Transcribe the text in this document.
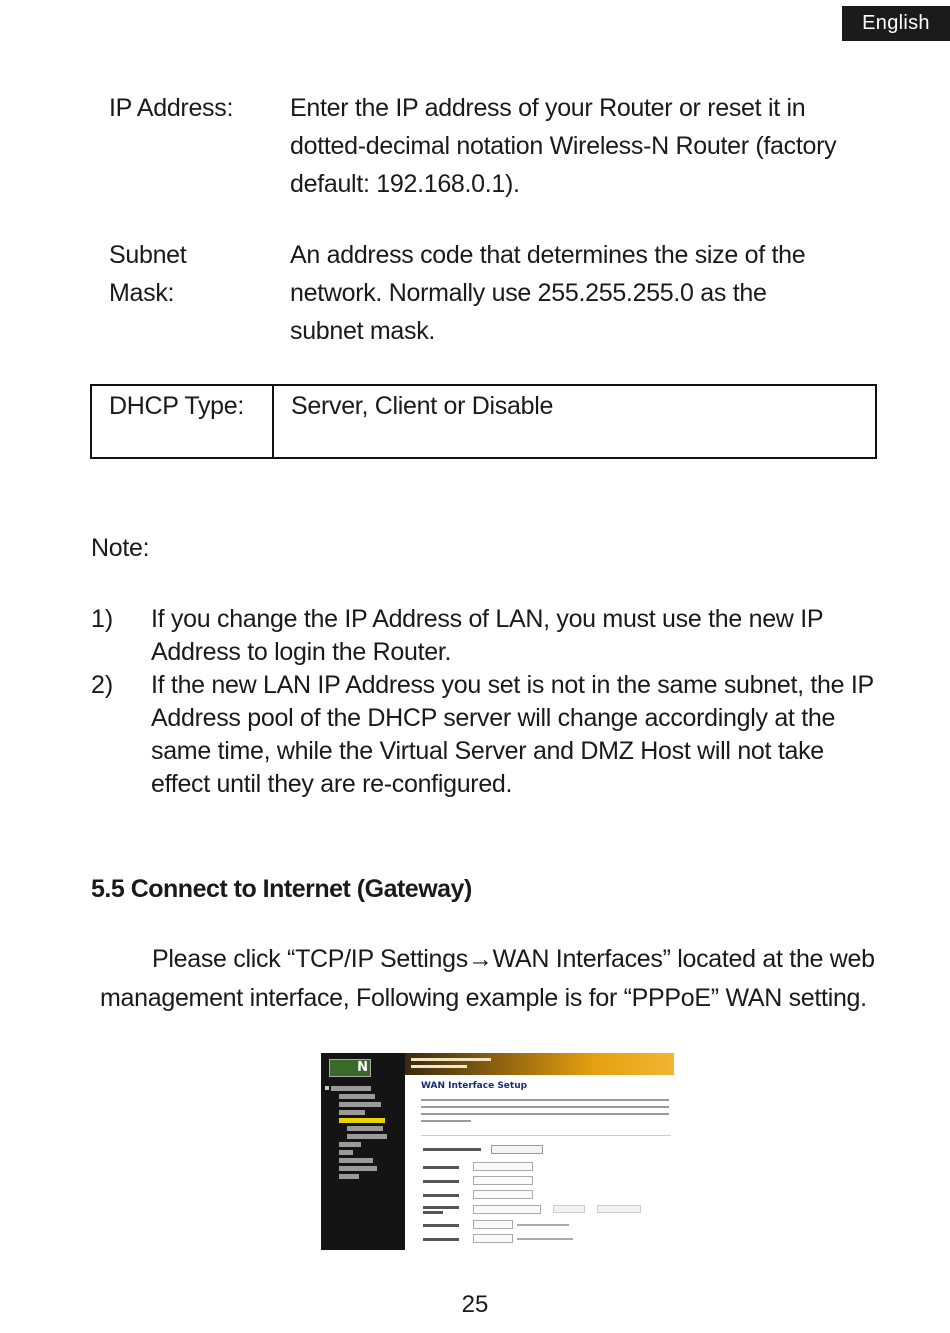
English
IP Address: Enter the IP address of your Router or reset it in
dotted-decimal notation Wireless-N Router (factory
default: 192.168.0.1).
Subnet
Mask:
An address code that determines the size of the
network. Normally use 255.255.255.0 as the
subnet mask.
DHCP Type: Server, Client or Disable
Note:
1) If you change the IP Address of LAN, you must use the new IP
Address to login the Router.
2) If the new LAN IP Address you set is not in the same subnet, the IP
Address pool of the DHCP server will change accordingly at the
same time, while the Virtual Server and DMZ Host will not take
effect until they are re-configured.
5.5 Connect to Internet (Gateway)
Please click “TCP/IP Settings→WAN Interfaces” located at the web
management interface, Following example is for “PPPoE” WAN setting.
N
WAN Interface Setup
25
